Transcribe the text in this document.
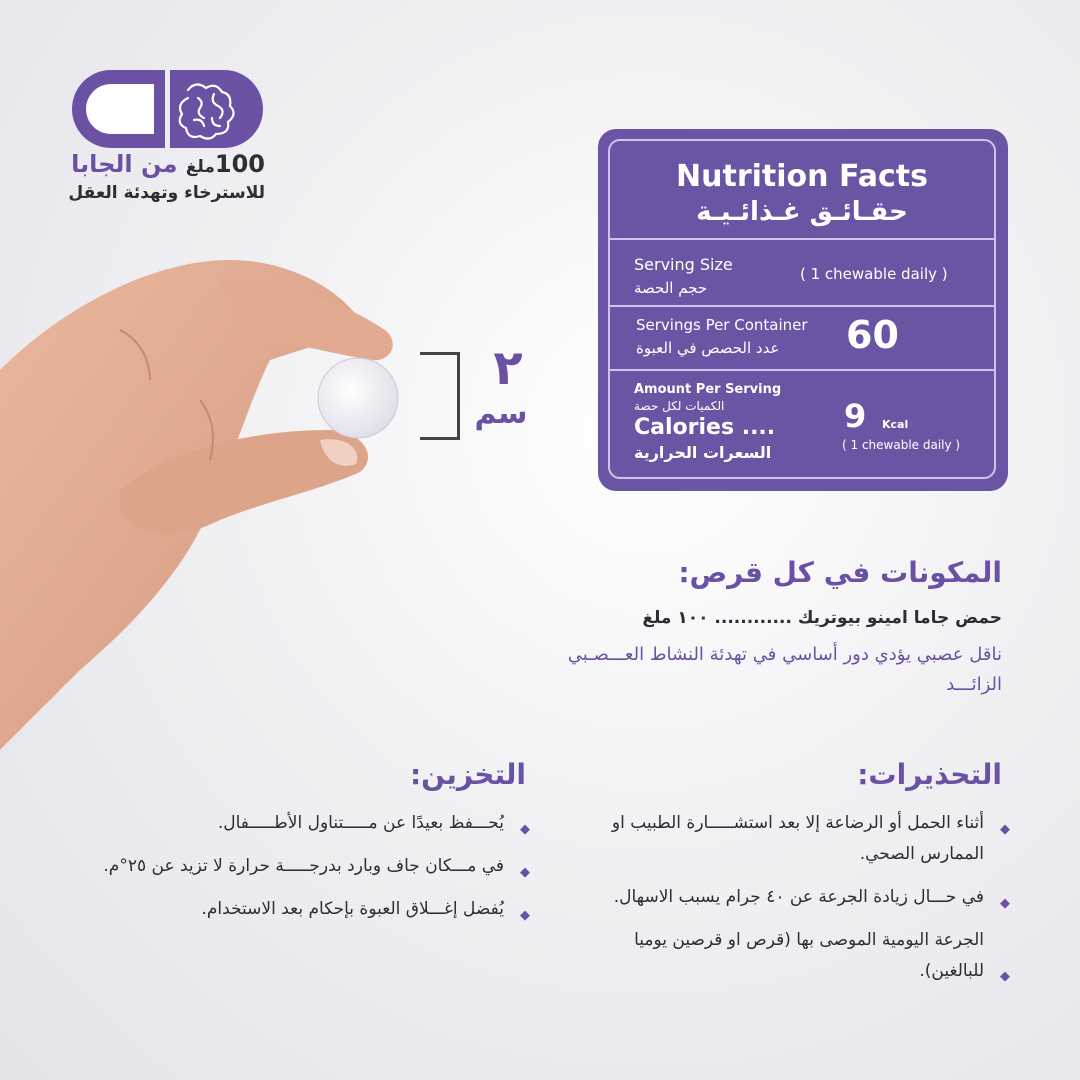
100ملغ من الجابا
للاسترخاء وتهدئة العقل
٢
سم
Nutrition Facts
حقـائـق غـذائـيـة
Serving Size
حجم الحصة
( 1 chewable daily )
Servings Per Container
عدد الحصص في العبوة 60
Amount Per Serving
الكميات لكل حصة
Calories ....
السعرات الحرارية
9 Kcal
( 1 chewable daily )
المكونات في كل قرص:
حمض جاما امينو بيوتريك ............ ١٠٠ ملغ
ناقل عصبي يؤدي دور أساسي في تهدئة النشاط العـــصـبي الزائـــد
التحذيرات:
◆
أثناء الحمل أو الرضاعة إلا بعد استشـــــارة الطبيب او الممارس الصحي.
◆
في حـــال زيادة الجرعة عن ٤٠ جرام يسبب الاسهال.
◆
الجرعة اليومية الموصى بها (قرص او قرصين يوميا للبالغين).
التخزين:
◆
يُحـــفظ بعيدًا عن مـــــتناول الأطـــــفال.
◆
في مـــكان جاف وبارد بدرجـــــة حرارة لا تزيد عن ٢٥°م.
◆
يُفضل إغـــلاق العبوة بإحكام بعد الاستخدام.
